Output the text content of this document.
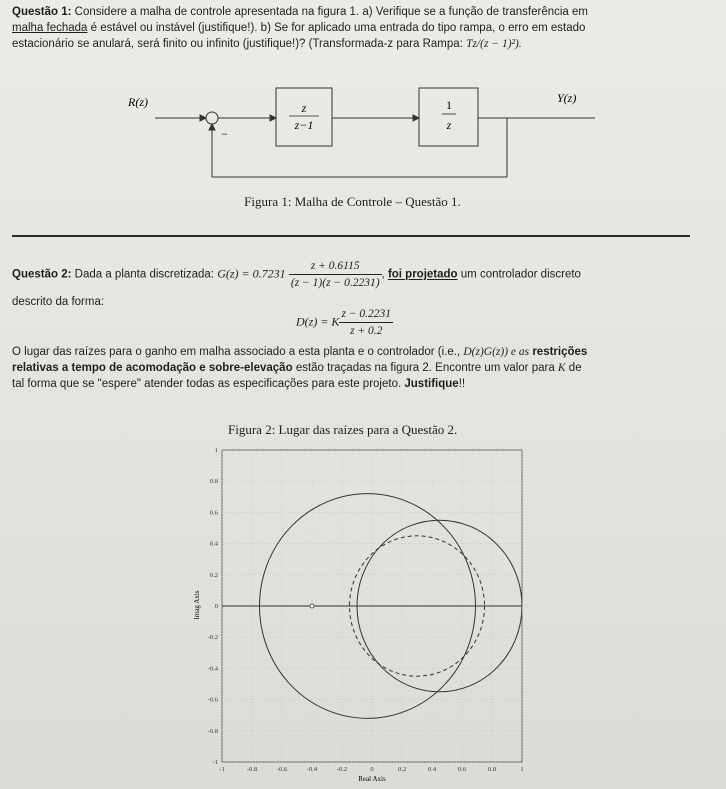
Questão 1: Considere a malha de controle apresentada na figura 1. a) Verifique se a função de transferência em
malha fechada é estável ou instável (justifique!). b) Se for aplicado uma entrada do tipo rampa, o erro em estado
estacionário se anulará, será finito ou infinito (justifique!)? (Transformada-z para Rampa: Tz/(z − 1)²).
R(z)	Y(z)
−
z
z−1
1
z
Figura 1: Malha de Controle – Questão 1.
Questão 2: Dada a planta discretizada: $G(z) = 0.7231 \frac{z + 0.6115}{(z - 1)(z - 0.2231)}$ , foi projetado um controlador discreto
descrito da forma:
D(z) = K $\frac{z - 0.2231}{z + 0.2}$
O lugar das raízes para o ganho em malha associado a esta planta e o controlador (i.e., D(z)G(z)) e as restrições
relativas a tempo de acomodação e sobre-elevação estão traçadas na figura 2. Encontre um valor para K de
tal forma que se "espere" atender todas as especificações para este projeto. Justifique!!
Figura 2: Lugar das raízes para a Questão 2.
-1	-0.8	-0.6	-0.4	-0.2	0	0.2	0.4	0.6	0.8	1
1
0.8
0.6
0.4
0.2
0
-0.2
-0.4
-0.6
-0.8
-1
Real Axis
Imag Axis
